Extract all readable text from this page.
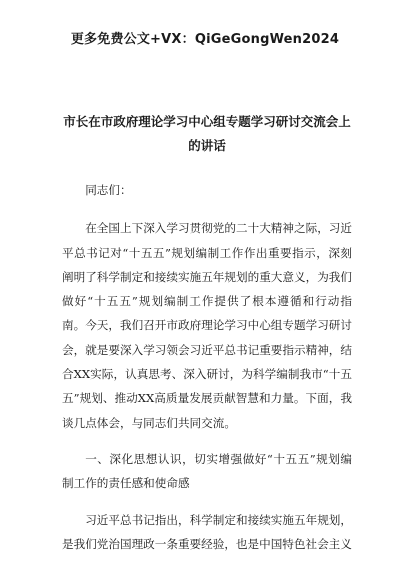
更多免费公文+VX：QiGeGongWen2024
市长在市政府理论学习中心组专题学习研讨交流会上的讲话

同志们：

在全国上下深入学习贯彻党的二十大精神之际，习近平总书记对“十五五”规划编制工作作出重要指示，深刻阐明了科学制定和接续实施五年规划的重大意义，为我们做好“十五五”规划编制工作提供了根本遵循和行动指南。今天，我们召开市政府理论学习中心组专题学习研讨会，就是要深入学习领会习近平总书记重要指示精神，结合XX实际，认真思考、深入研讨，为科学编制我市“十五五”规划、推动XX高质量发展贡献智慧和力量。下面，我谈几点体会，与同志们共同交流。

一、深化思想认识，切实增强做好“十五五”规划编制工作的责任感和使命感

习近平总书记指出，科学制定和接续实施五年规划，是我们党治国理政一条重要经验，也是中国特色社会主义
